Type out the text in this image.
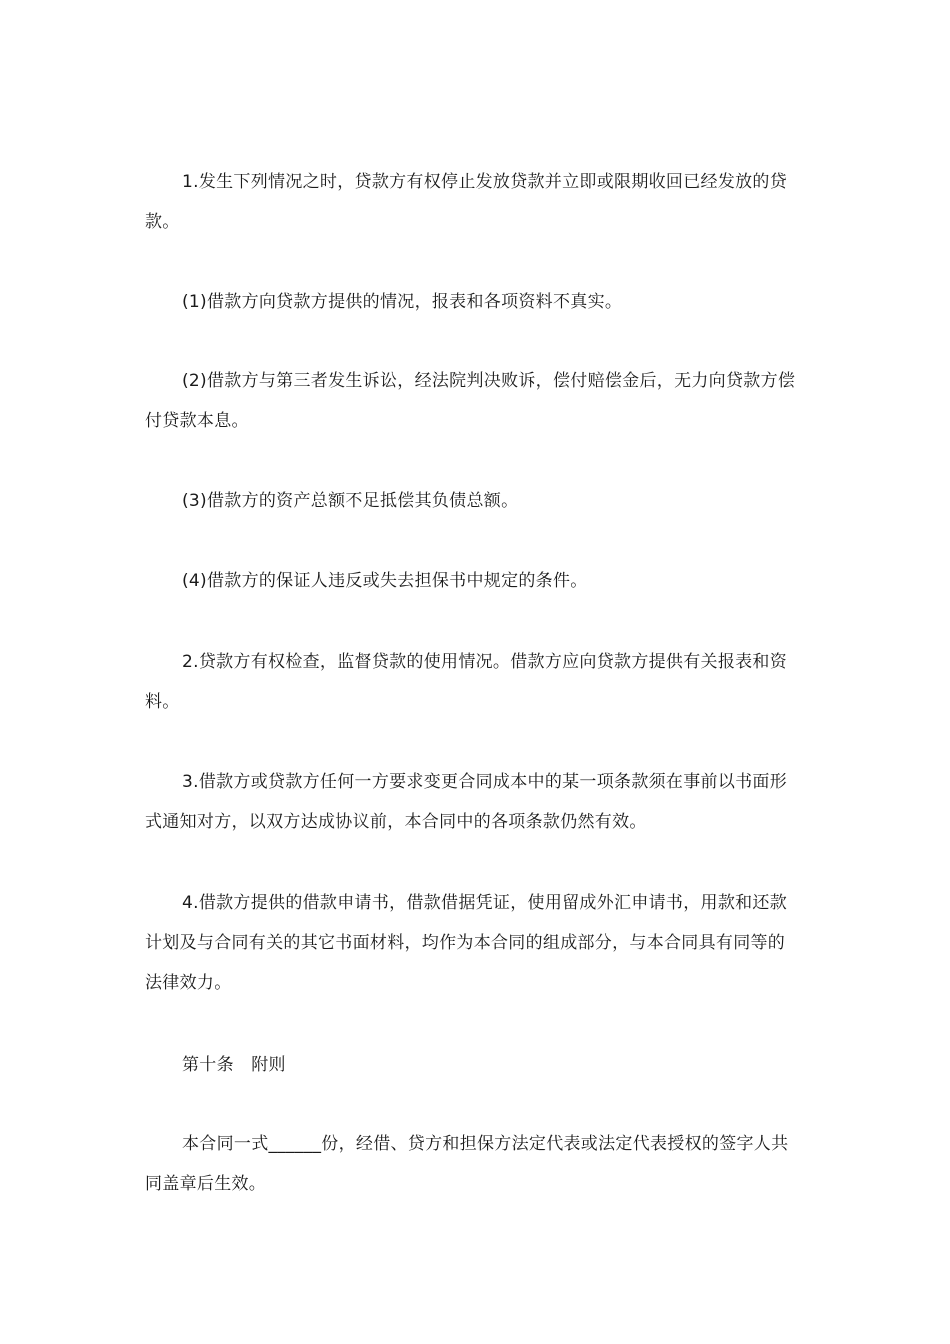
1.发生下列情况之时，贷款方有权停止发放贷款并立即或限期收回已经发放的贷款。

(1)借款方向贷款方提供的情况，报表和各项资料不真实。

(2)借款方与第三者发生诉讼，经法院判决败诉，偿付赔偿金后，无力向贷款方偿付贷款本息。

(3)借款方的资产总额不足抵偿其负债总额。

(4)借款方的保证人违反或失去担保书中规定的条件。

2.贷款方有权检查，监督贷款的使用情况。借款方应向贷款方提供有关报表和资料。

3.借款方或贷款方任何一方要求变更合同成本中的某一项条款须在事前以书面形式通知对方，以双方达成协议前，本合同中的各项条款仍然有效。

4.借款方提供的借款申请书，借款借据凭证，使用留成外汇申请书，用款和还款计划及与合同有关的其它书面材料，均作为本合同的组成部分，与本合同具有同等的法律效力。

第十条　附则

本合同一式______份，经借、贷方和担保方法定代表或法定代表授权的签字人共同盖章后生效。
